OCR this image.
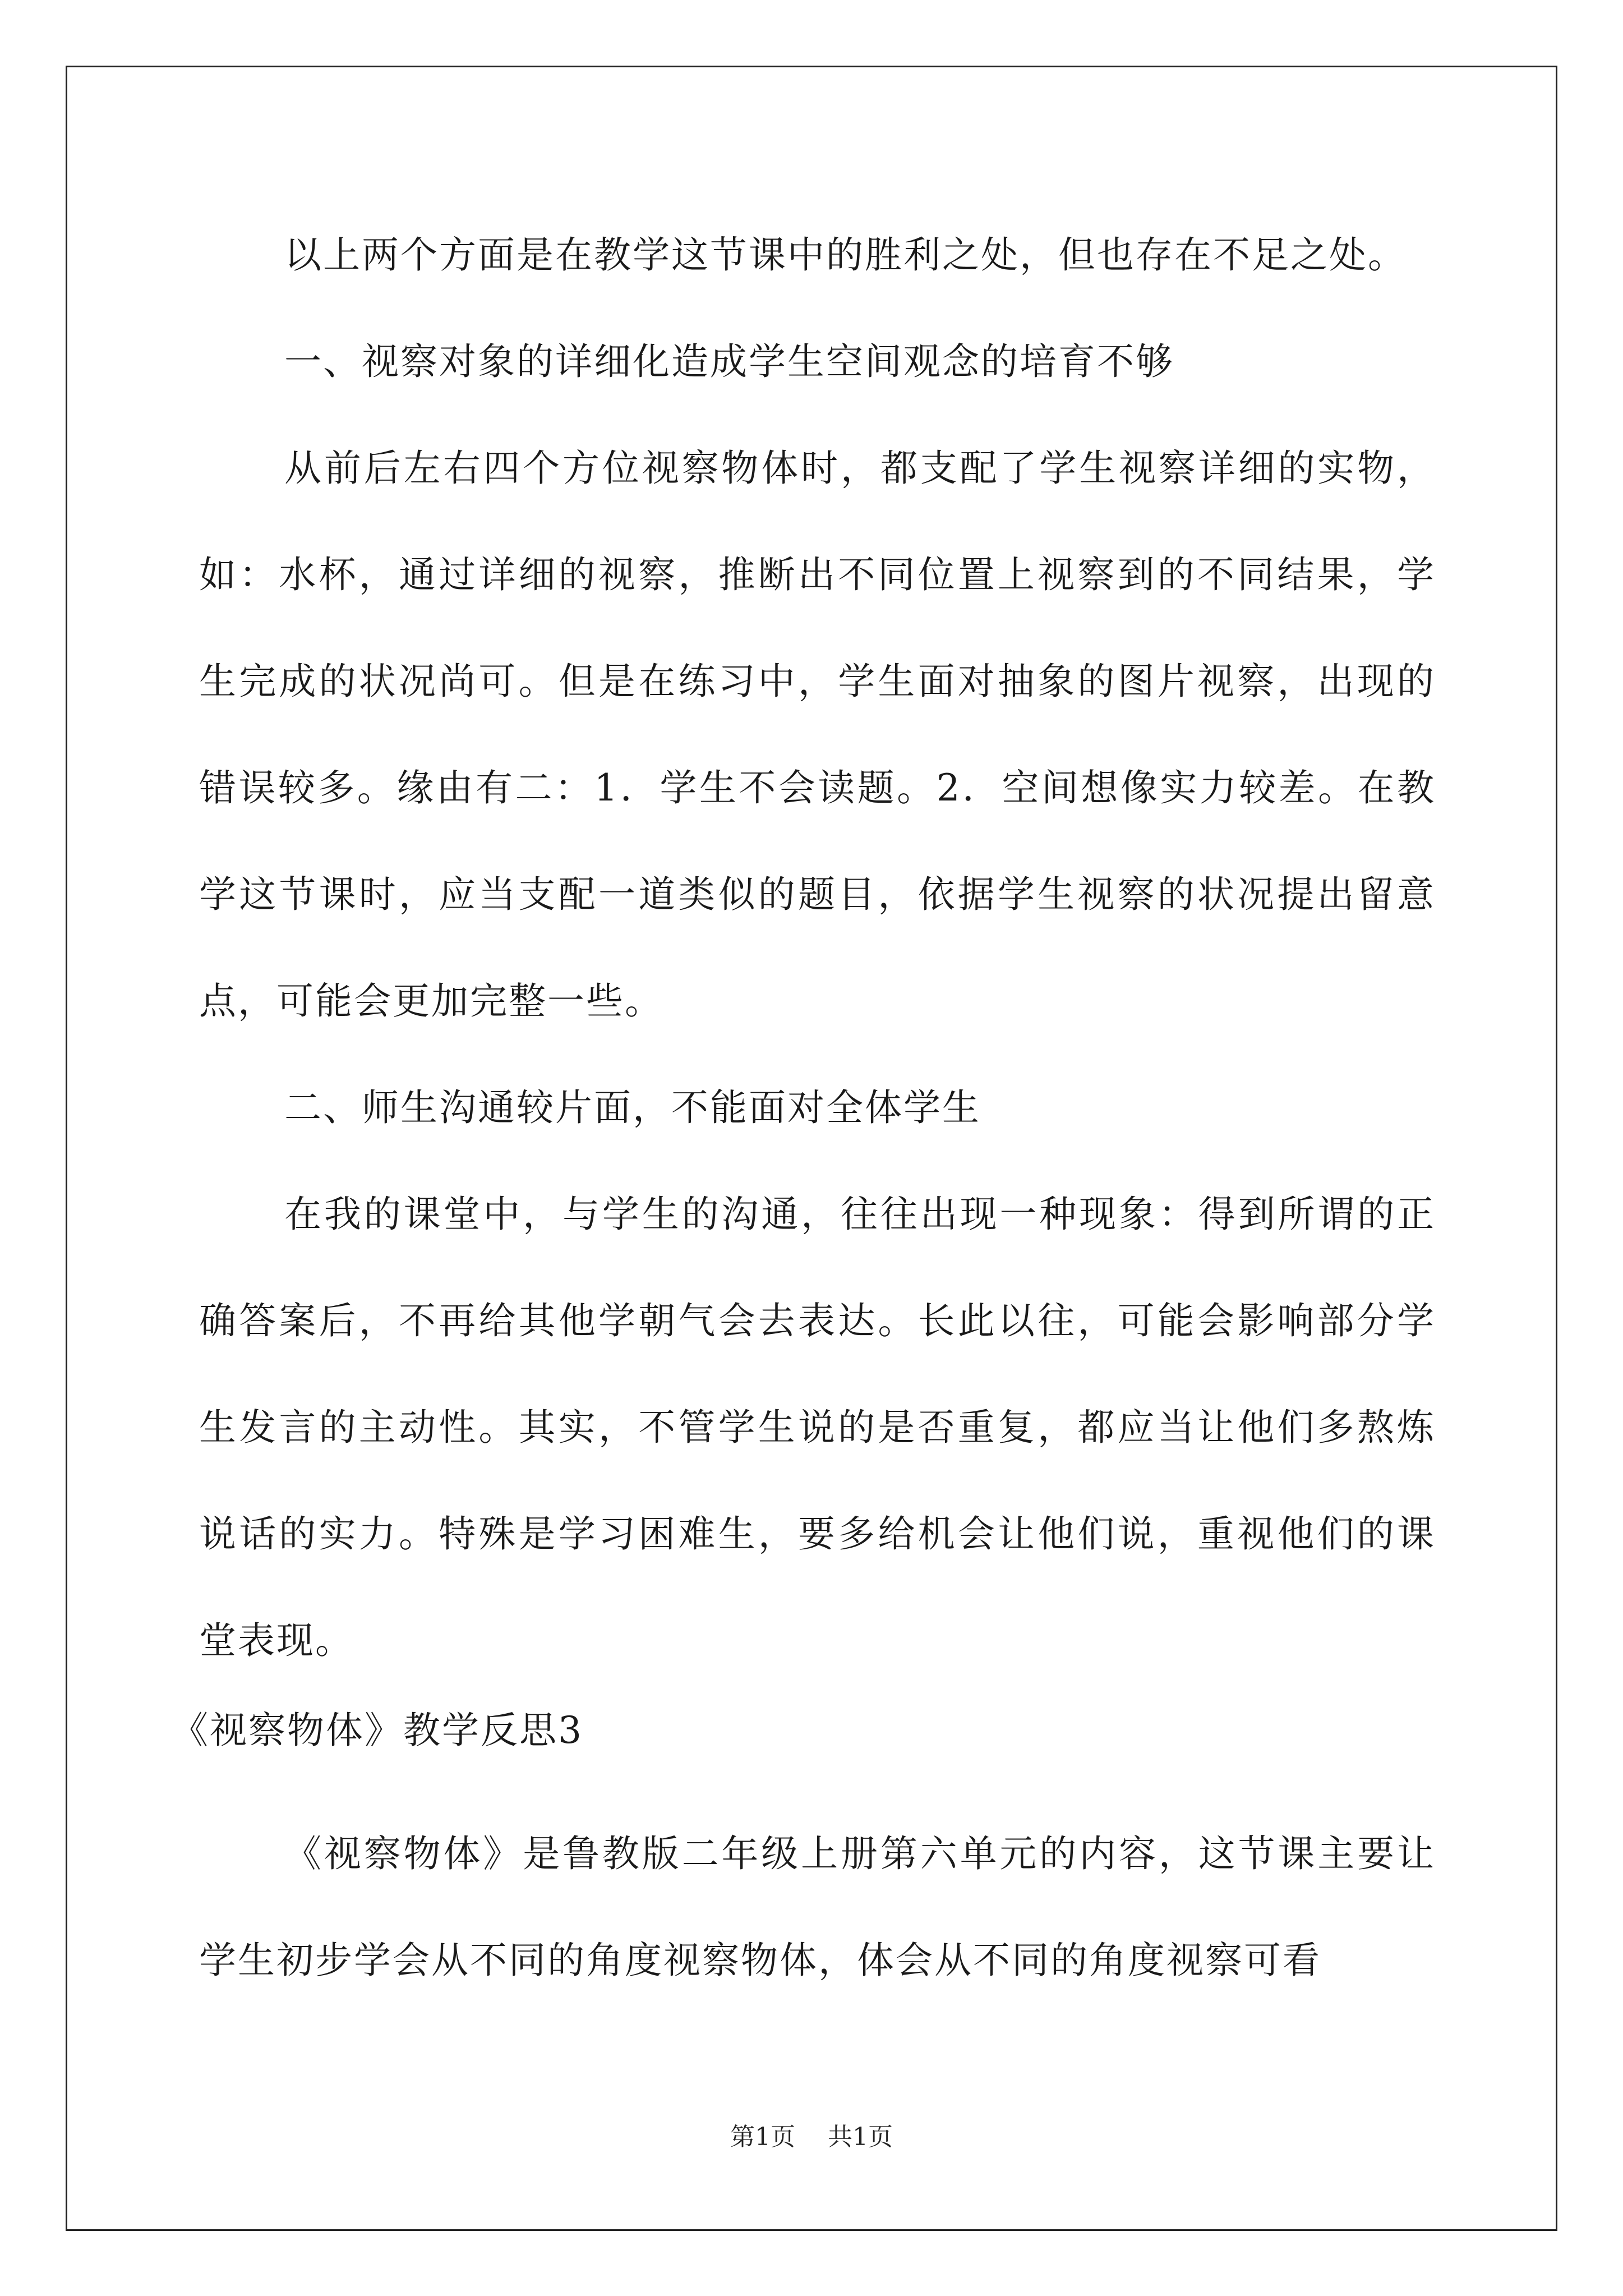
以上两个方面是在教学这节课中的胜利之处，但也存在不足之处。

一、视察对象的详细化造成学生空间观念的培育不够

从前后左右四个方位视察物体时，都支配了学生视察详细的实物，如：水杯，通过详细的视察，推断出不同位置上视察到的不同结果，学生完成的状况尚可。但是在练习中，学生面对抽象的图片视察，出现的错误较多。缘由有二：1．学生不会读题。2．空间想像实力较差。在教学这节课时，应当支配一道类似的题目，依据学生视察的状况提出留意点，可能会更加完整一些。

二、师生沟通较片面，不能面对全体学生

在我的课堂中，与学生的沟通，往往出现一种现象：得到所谓的正确答案后，不再给其他学朝气会去表达。长此以往，可能会影响部分学生发言的主动性。其实，不管学生说的是否重复，都应当让他们多熬炼说话的实力。特殊是学习困难生，要多给机会让他们说，重视他们的课堂表现。

《视察物体》教学反思3

《视察物体》是鲁教版二年级上册第六单元的内容，这节课主要让学生初步学会从不同的角度视察物体，体会从不同的角度视察可看

第1页 共1页
